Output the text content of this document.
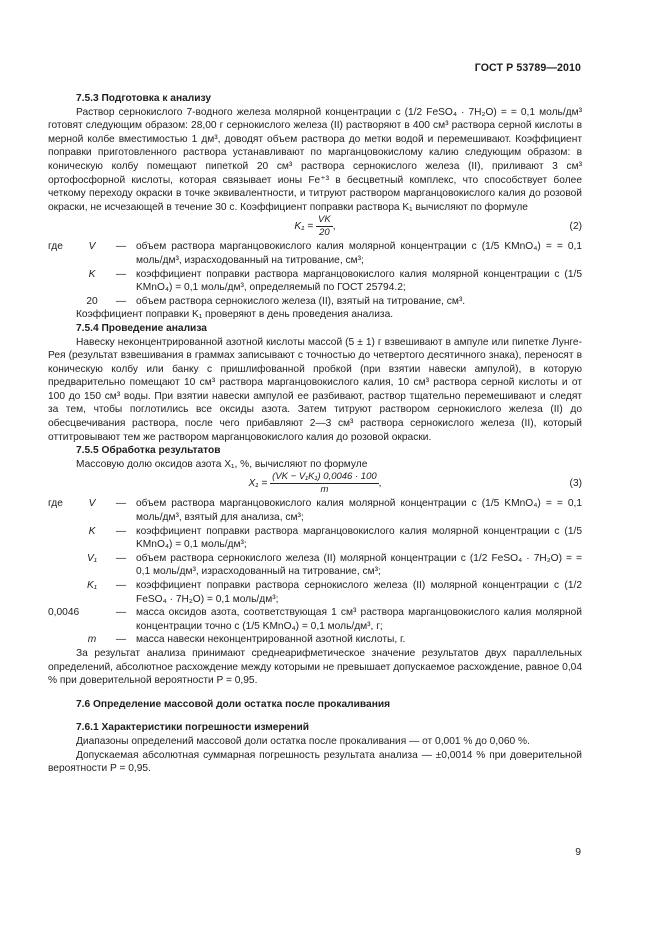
ГОСТ Р 53789—2010
7.5.3 Подготовка к анализу

Раствор сернокислого 7-водного железа молярной концентрации c (1/2 FeSO₄ · 7H₂O) = = 0,1 моль/дм³ готовят следующим образом: 28,00 г сернокислого железа (II) растворяют в 400 см³ раствора серной кислоты в мерной колбе вместимостью 1 дм³, доводят объем раствора до метки водой и перемешивают. Коэффициент поправки приготовленного раствора устанавливают по марганцовокислому калию следующим образом: в коническую колбу помещают пипеткой 20 см³ раствора сернокислого железа (II), приливают 3 см³ ортофосфорной кислоты, которая связывает ионы Fe⁺³ в бесцветный комплекс, что способствует более четкому переходу окраски в точке эквивалентности, и титруют раствором марганцовокислого калия до розовой окраски, не исчезающей в течение 30 с. Коэффициент поправки раствора K₁ вычисляют по формуле

$K_1 = \frac{VK}{20}$ ,	(2)
где	V	— объем раствора марганцовокислого калия молярной концентрации c (1/5 KMnO₄) = = 0,1 моль/дм³, израсходованный на титрование, см³;
K	— коэффициент поправки раствора марганцовокислого калия молярной концентрации c (1/5 KMnO₄) = 0,1 моль/дм³, определяемый по ГОСТ 25794.2;
20	— объем раствора сернокислого железа (II), взятый на титрование, см³.

Коэффициент поправки K₁ проверяют в день проведения анализа.

7.5.4 Проведение анализа

Навеску неконцентрированной азотной кислоты массой (5 ± 1) г взвешивают в ампуле или пипетке Лунге-Рея (результат взвешивания в граммах записывают с точностью до четвертого десятичного знака), переносят в коническую колбу или банку с пришлифованной пробкой (при взятии навески ампулой), в которую предварительно помещают 10 см³ раствора марганцовокислого калия, 10 см³ раствора серной кислоты и от 100 до 150 см³ воды. При взятии навески ампулой ее разбивают, раствор тщательно перемешивают и следят за тем, чтобы поглотились все оксиды азота. Затем титруют раствором сернокислого железа (II) до обесцвечивания раствора, после чего прибавляют 2—3 см³ раствора сернокислого железа (II), который оттитровывают тем же раствором марганцовокислого калия до розовой окраски.

7.5.5 Обработка результатов

Массовую долю оксидов азота X₁, %, вычисляют по формуле

$X_1 = \frac{\text{(VK − V₁K₁) 0,0046 · 100}}{m}$ ,	(3)
где	V	— объем раствора марганцовокислого калия молярной концентрации c (1/5 KMnO₄) = = 0,1 моль/дм³, взятый для анализа, см³;
K	— коэффициент поправки раствора марганцовокислого калия молярной концентрации c (1/5 KMnO₄) = 0,1 моль/дм³;
V₁	— объем раствора сернокислого железа (II) молярной концентрации c (1/2 FeSO₄ · 7H₂O) = = 0,1 моль/дм³, израсходованный на титрование, см³;
K₁	— коэффициент поправки раствора сернокислого железа (II) молярной концентрации c (1/2 FeSO₄ · 7H₂O) = 0,1 моль/дм³;
0,0046	— масса оксидов азота, соответствующая 1 см³ раствора марганцовокислого калия молярной концентрации точно c (1/5 KMnO₄) = 0,1 моль/дм³, г;
m	— масса навески неконцентрированной азотной кислоты, г.

За результат анализа принимают среднеарифметическое значение результатов двух параллельных определений, абсолютное расхождение между которыми не превышает допускаемое расхождение, равное 0,04 % при доверительной вероятности P = 0,95.

7.6 Определение массовой доли остатка после прокаливания
7.6.1 Характеристики погрешности измерений

Диапазоны определений массовой доли остатка после прокаливания — от 0,001 % до 0,060 %.

Допускаемая абсолютная суммарная погрешность результата анализа — ±0,0014 % при доверительной вероятности P = 0,95.

9
